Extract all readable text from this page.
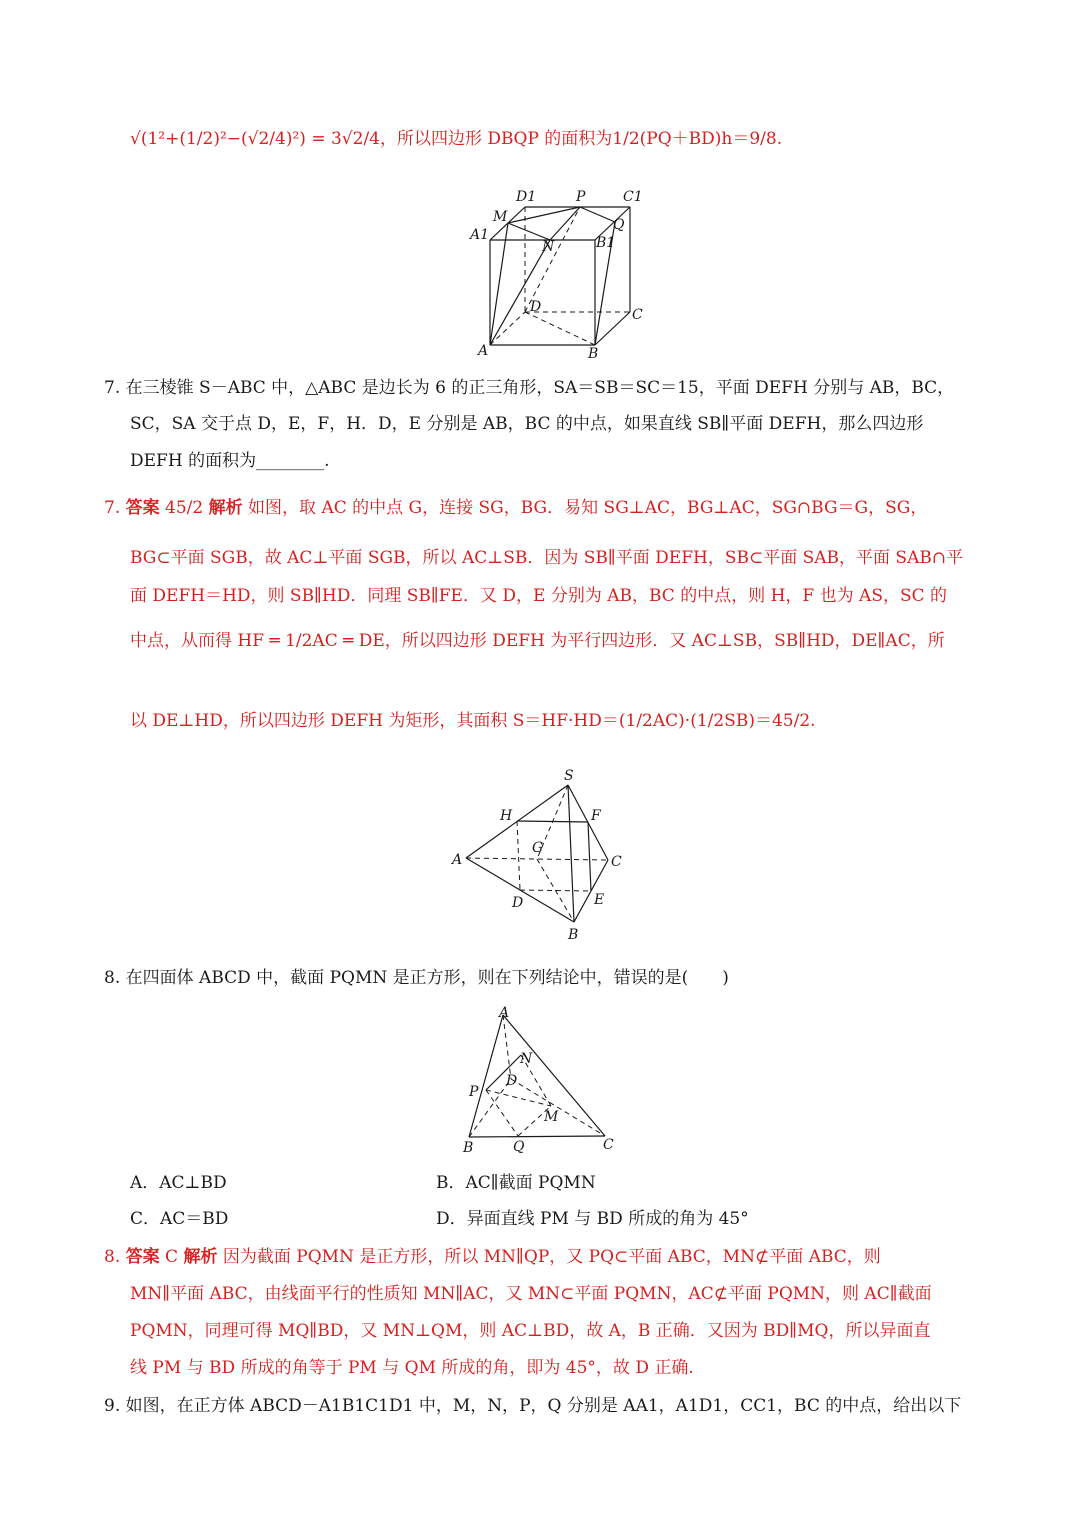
√(1²+(1/2)²−(√2/4)²) = 3√2/4，所以四边形 DBQP 的面积为1/2(PQ＋BD)h＝9/8.
D1	P	C1
M	Q
A1
N	B1
D	C
A	B
7. 在三棱锥 S－ABC 中，△ABC 是边长为 6 的正三角形，SA＝SB＝SC＝15，平面 DEFH 分别与 AB，BC，
SC，SA 交于点 D，E，F，H．D，E 分别是 AB，BC 的中点，如果直线 SB∥平面 DEFH，那么四边形
DEFH 的面积为________.
7. 答案 45/2 解析 如图，取 AC 的中点 G，连接 SG，BG．易知 SG⊥AC，BG⊥AC，SG∩BG＝G，SG，
BG⊂平面 SGB，故 AC⊥平面 SGB，所以 AC⊥SB．因为 SB∥平面 DEFH，SB⊂平面 SAB，平面 SAB∩平
面 DEFH＝HD，则 SB∥HD．同理 SB∥FE．又 D，E 分别为 AB，BC 的中点，则 H，F 也为 AS，SC 的
中点，从而得 HF ═ 1/2AC ═ DE，所以四边形 DEFH 为平行四边形．又 AC⊥SB，SB∥HD，DE∥AC，所
以 DE⊥HD，所以四边形 DEFH 为矩形，其面积 S＝HF·HD＝(1/2AC)·(1/2SB)＝45/2.
S
H	F
G
A	C
D	E
B
8. 在四面体 ABCD 中，截面 PQMN 是正方形，则在下列结论中，错误的是(　　)
A
N
D
P
M
B	Q	C
A．AC⊥BD	B．AC∥截面 PQMN
C．AC＝BD	D．异面直线 PM 与 BD 所成的角为 45°
8. 答案 C 解析 因为截面 PQMN 是正方形，所以 MN∥QP，又 PQ⊂平面 ABC，MN⊄平面 ABC，则
MN∥平面 ABC，由线面平行的性质知 MN∥AC，又 MN⊂平面 PQMN，AC⊄平面 PQMN，则 AC∥截面
PQMN，同理可得 MQ∥BD，又 MN⊥QM，则 AC⊥BD，故 A，B 正确．又因为 BD∥MQ，所以异面直
线 PM 与 BD 所成的角等于 PM 与 QM 所成的角，即为 45°，故 D 正确.
9. 如图，在正方体 ABCD－A1B1C1D1 中，M，N，P，Q 分别是 AA1，A1D1，CC1，BC 的中点，给出以下
